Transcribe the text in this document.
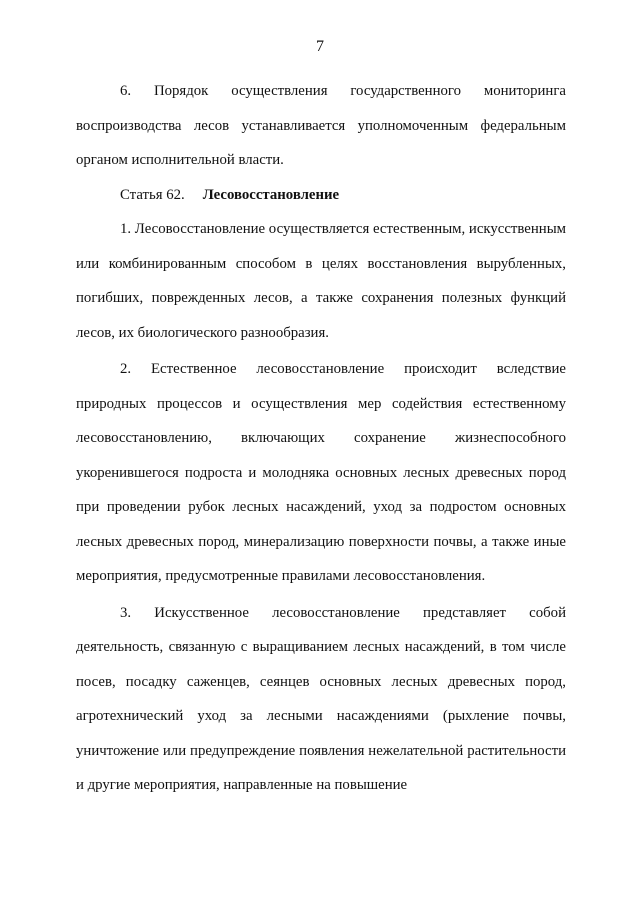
7

6. Порядок осуществления государственного мониторинга воспроизводства лесов устанавливается уполномоченным федеральным органом исполнительной власти.

Статья 62. Лесовосстановление

1. Лесовосстановление осуществляется естественным, искусственным или комбинированным способом в целях восстановления вырубленных, погибших, поврежденных лесов, а также сохранения полезных функций лесов, их биологического разнообразия.

2. Естественное лесовосстановление происходит вследствие природных процессов и осуществления мер содействия естественному лесовосстановлению, включающих сохранение жизнеспособного укоренившегося подроста и молодняка основных лесных древесных пород при проведении рубок лесных насаждений, уход за подростом основных лесных древесных пород, минерализацию поверхности почвы, а также иные мероприятия, предусмотренные правилами лесовосстановления.

3. Искусственное лесовосстановление представляет собой деятельность, связанную с выращиванием лесных насаждений, в том числе посев, посадку саженцев, сеянцев основных лесных древесных пород, агротехнический уход за лесными насаждениями (рыхление почвы, уничтожение или предупреждение появления нежелательной растительности и другие мероприятия, направленные на повышение
